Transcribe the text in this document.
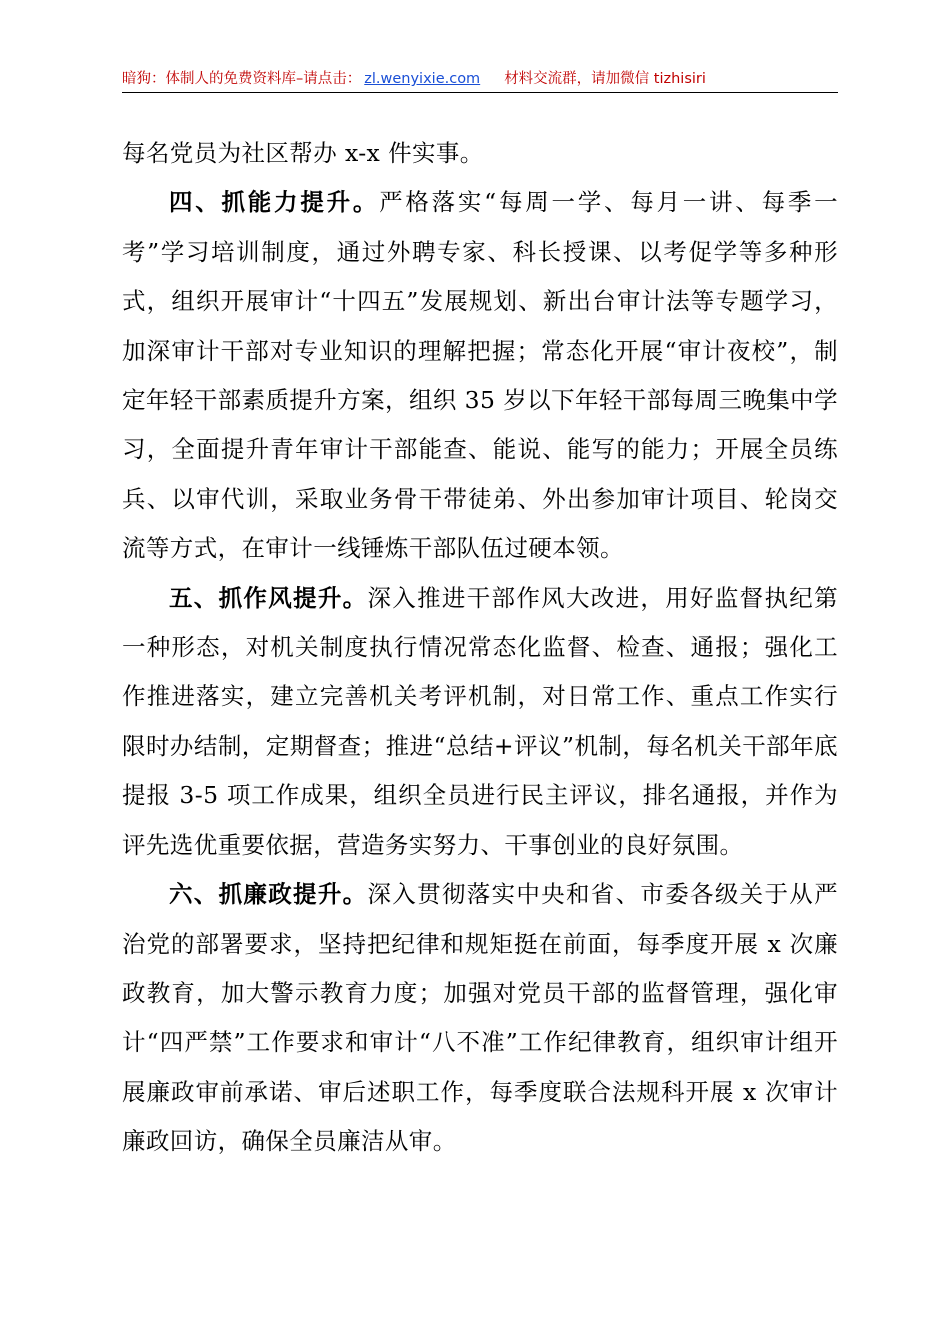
暗狗：体制人的免费资料库–请点击： zl.wenyixie.com 材料交流群，请加微信 tizhisiri

每名党员为社区帮办 x-x 件实事。

四、抓能力提升。严格落实“每周一学、每月一讲、每季一考”学习培训制度，通过外聘专家、科长授课、以考促学等多种形式，组织开展审计“十四五”发展规划、新出台审计法等专题学习，加深审计干部对专业知识的理解把握；常态化开展“审计夜校”，制定年轻干部素质提升方案，组织 35 岁以下年轻干部每周三晚集中学习，全面提升青年审计干部能查、能说、能写的能力；开展全员练兵、以审代训，采取业务骨干带徒弟、外出参加审计项目、轮岗交流等方式，在审计一线锤炼干部队伍过硬本领。

五、抓作风提升。深入推进干部作风大改进，用好监督执纪第一种形态，对机关制度执行情况常态化监督、检查、通报；强化工作推进落实，建立完善机关考评机制，对日常工作、重点工作实行限时办结制，定期督查；推进“总结+评议”机制，每名机关干部年底提报 3-5 项工作成果，组织全员进行民主评议，排名通报，并作为评先选优重要依据，营造务实努力、干事创业的良好氛围。

六、抓廉政提升。深入贯彻落实中央和省、市委各级关于从严治党的部署要求，坚持把纪律和规矩挺在前面，每季度开展 x 次廉政教育，加大警示教育力度；加强对党员干部的监督管理，强化审计“四严禁”工作要求和审计“八不准”工作纪律教育，组织审计组开展廉政审前承诺、审后述职工作，每季度联合法规科开展 x 次审计廉政回访，确保全员廉洁从审。
